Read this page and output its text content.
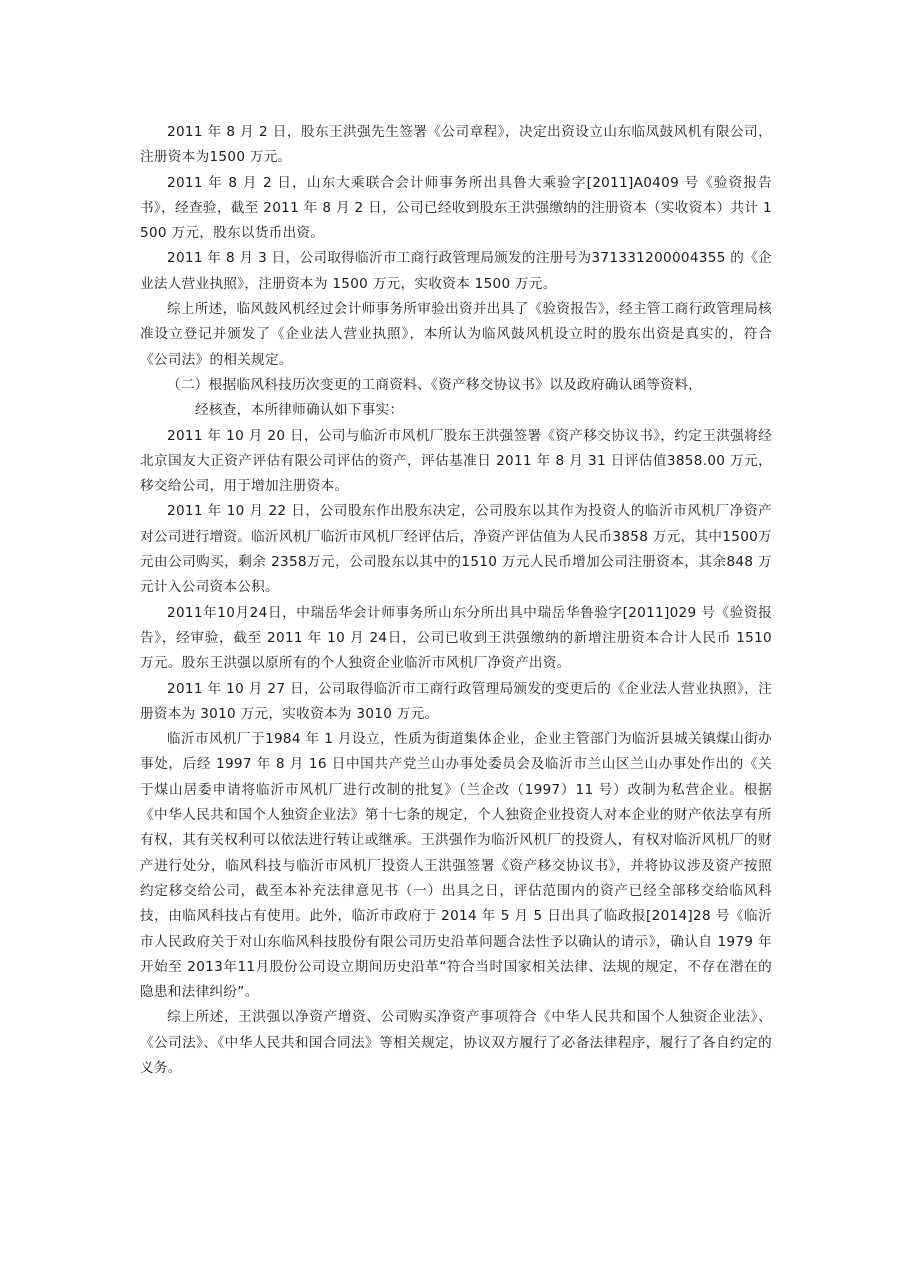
2011 年 8 月 2 日，股东王洪强先生签署《公司章程》，决定出资设立山东临凤鼓风机有限公司，注册资本为1500 万元。

2011 年 8 月 2 日，山东大乘联合会计师事务所出具鲁大乘验字[2011]A0409 号《验资报告书》，经查验，截至 2011 年 8 月 2 日，公司已经收到股东王洪强缴纳的注册资本（实收资本）共计 1500 万元，股东以货币出资。

2011 年 8 月 3 日，公司取得临沂市工商行政管理局颁发的注册号为371331200004355 的《企业法人营业执照》，注册资本为 1500 万元，实收资本 1500 万元。

综上所述，临风鼓风机经过会计师事务所审验出资并出具了《验资报告》，经主管工商行政管理局核准设立登记并颁发了《企业法人营业执照》，本所认为临风鼓风机设立时的股东出资是真实的，符合《公司法》的相关规定。

（二）根据临风科技历次变更的工商资料、《资产移交协议书》以及政府确认函等资料，

经核查，本所律师确认如下事实：

2011 年 10 月 20 日，公司与临沂市风机厂股东王洪强签署《资产移交协议书》，约定王洪强将经北京国友大正资产评估有限公司评估的资产，评估基准日 2011 年 8 月 31 日评估值3858.00 万元，移交给公司，用于增加注册资本。

2011 年 10 月 22 日，公司股东作出股东决定，公司股东以其作为投资人的临沂市风机厂净资产对公司进行增资。临沂风机厂临沂市风机厂经评估后，净资产评估值为人民币3858 万元，其中1500万元由公司购买，剩余 2358万元，公司股东以其中的1510 万元人民币增加公司注册资本，其余848 万元计入公司资本公积。

2011年10月24日，中瑞岳华会计师事务所山东分所出具中瑞岳华鲁验字[2011]029 号《验资报告》，经审验，截至 2011 年 10 月 24日，公司已收到王洪强缴纳的新增注册资本合计人民币 1510 万元。股东王洪强以原所有的个人独资企业临沂市风机厂净资产出资。

2011 年 10 月 27 日，公司取得临沂市工商行政管理局颁发的变更后的《企业法人营业执照》，注册资本为 3010 万元，实收资本为 3010 万元。

临沂市风机厂于1984 年 1 月设立，性质为街道集体企业，企业主管部门为临沂县城关镇煤山街办事处，后经 1997 年 8 月 16 日中国共产党兰山办事处委员会及临沂市兰山区兰山办事处作出的《关于煤山居委申请将临沂市风机厂进行改制的批复》（兰企改（1997）11 号）改制为私营企业。根据《中华人民共和国个人独资企业法》第十七条的规定，个人独资企业投资人对本企业的财产依法享有所有权，其有关权利可以依法进行转让或继承。王洪强作为临沂风机厂的投资人，有权对临沂风机厂的财产进行处分，临风科技与临沂市风机厂投资人王洪强签署《资产移交协议书》，并将协议涉及资产按照约定移交给公司，截至本补充法律意见书（一）出具之日，评估范围内的资产已经全部移交给临风科技，由临风科技占有使用。此外，临沂市政府于 2014 年 5 月 5 日出具了临政报[2014]28 号《临沂市人民政府关于对山东临风科技股份有限公司历史沿革问题合法性予以确认的请示》，确认自 1979 年开始至 2013年11月股份公司设立期间历史沿革“符合当时国家相关法律、法规的规定，不存在潜在的隐患和法律纠纷”。

综上所述，王洪强以净资产增资、公司购买净资产事项符合《中华人民共和国个人独资企业法》、《公司法》、《中华人民共和国合同法》等相关规定，协议双方履行了必备法律程序，履行了各自约定的义务。
